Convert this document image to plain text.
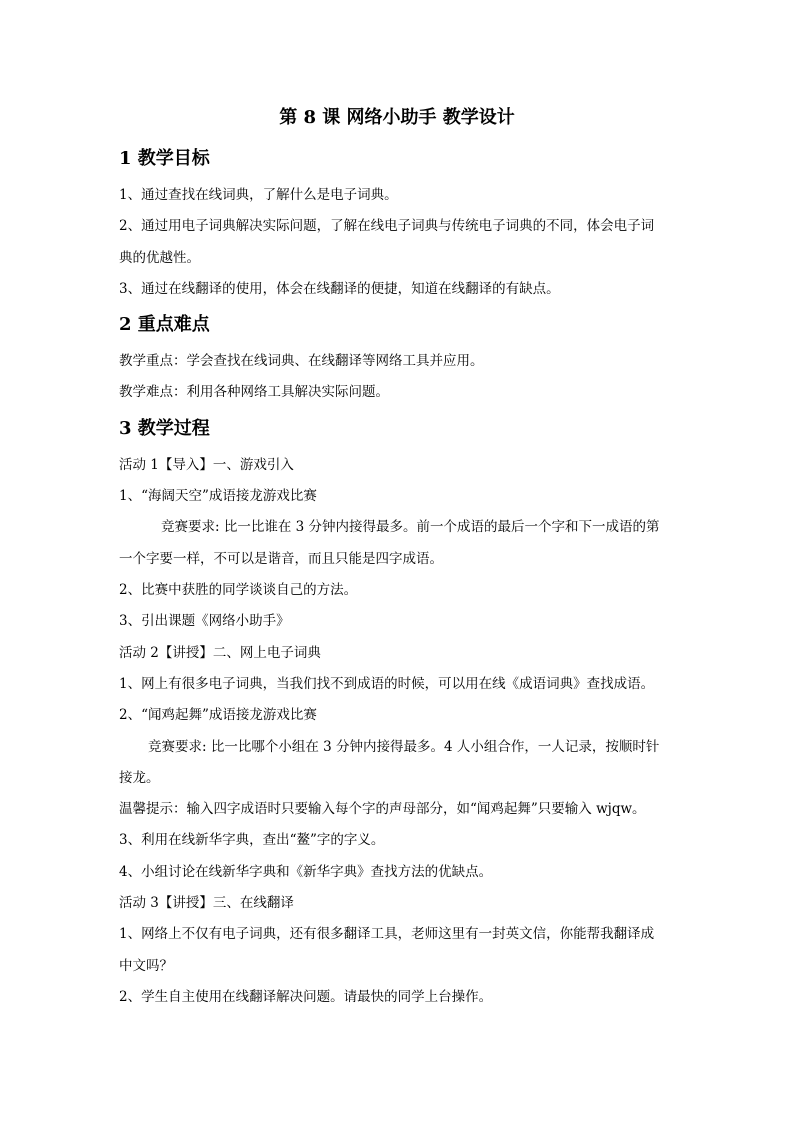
第 8 课 网络小助手 教学设计
1 教学目标
1、通过查找在线词典，了解什么是电子词典。
2、通过用电子词典解决实际问题，了解在线电子词典与传统电子词典的不同，体会电子词
典的优越性。
3、通过在线翻译的使用，体会在线翻译的便捷，知道在线翻译的有缺点。
2 重点难点
教学重点：学会查找在线词典、在线翻译等网络工具并应用。
教学难点：利用各种网络工具解决实际问题。
3 教学过程
活动 1【导入】一、游戏引入
1、“海阔天空”成语接龙游戏比赛
竞赛要求: 比一比谁在 3 分钟内接得最多。前一个成语的最后一个字和下一成语的第
一个字要一样，不可以是谐音，而且只能是四字成语。
2、比赛中获胜的同学谈谈自己的方法。
3、引出课题《网络小助手》
活动 2【讲授】二、网上电子词典
1、网上有很多电子词典，当我们找不到成语的时候，可以用在线《成语词典》查找成语。
2、“闻鸡起舞”成语接龙游戏比赛
竞赛要求: 比一比哪个小组在 3 分钟内接得最多。4 人小组合作，一人记录，按顺时针
接龙。
温馨提示：输入四字成语时只要输入每个字的声母部分，如“闻鸡起舞”只要输入 wjqw。
3、利用在线新华字典，查出“鳌”字的字义。
4、小组讨论在线新华字典和《新华字典》查找方法的优缺点。
活动 3【讲授】三、在线翻译
1、网络上不仅有电子词典，还有很多翻译工具，老师这里有一封英文信，你能帮我翻译成
中文吗？
2、学生自主使用在线翻译解决问题。请最快的同学上台操作。
